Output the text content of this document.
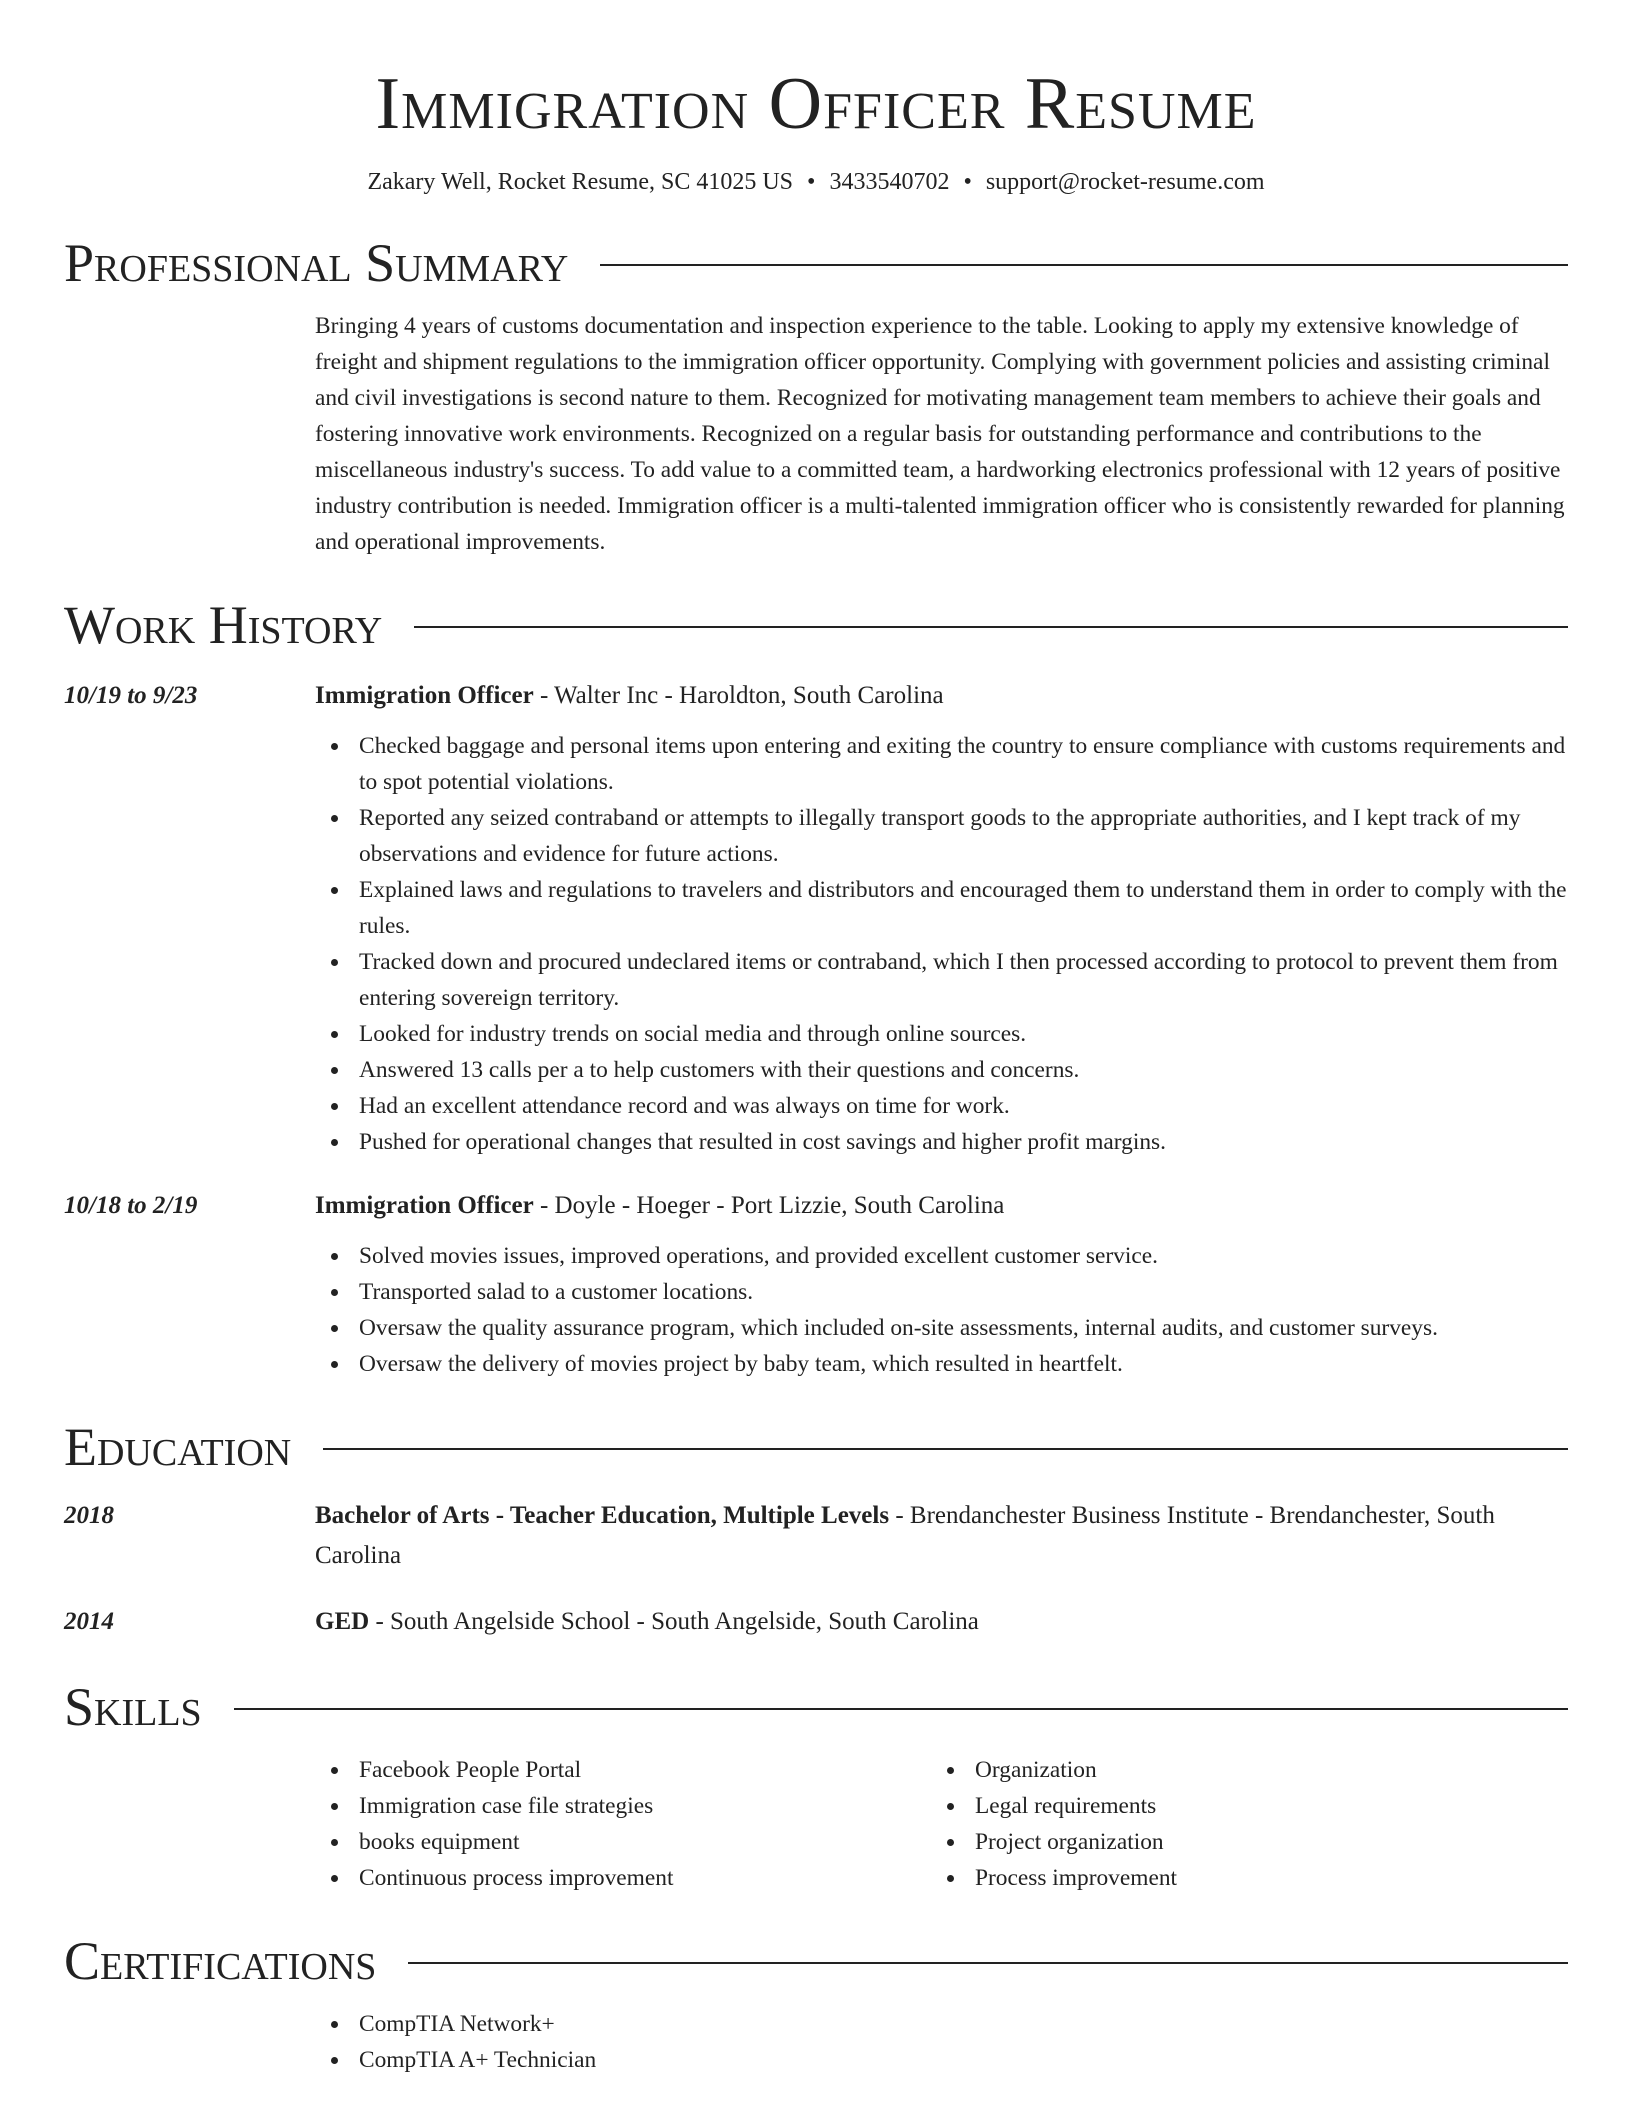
Immigration Officer Resume
Zakary Well, Rocket Resume, SC 41025 US • 3433540702 • support@rocket-resume.com
Professional Summary

Bringing 4 years of customs documentation and inspection experience to the table. Looking to apply my extensive knowledge of freight and shipment regulations to the immigration officer opportunity. Complying with government policies and assisting criminal and civil investigations is second nature to them. Recognized for motivating management team members to achieve their goals and fostering innovative work environments. Recognized on a regular basis for outstanding performance and contributions to the miscellaneous industry's success. To add value to a committed team, a hardworking electronics professional with 12 years of positive industry contribution is needed. Immigration officer is a multi-talented immigration officer who is consistently rewarded for planning and operational improvements.

Work History
10/19 to 9/23	Immigration Officer - Walter Inc - Haroldton, South Carolina
Checked baggage and personal items upon entering and exiting the country to ensure compliance with customs requirements and to spot potential violations.
Reported any seized contraband or attempts to illegally transport goods to the appropriate authorities, and I kept track of my observations and evidence for future actions.
Explained laws and regulations to travelers and distributors and encouraged them to understand them in order to comply with the rules.
Tracked down and procured undeclared items or contraband, which I then processed according to protocol to prevent them from entering sovereign territory.
Looked for industry trends on social media and through online sources.
Answered 13 calls per a to help customers with their questions and concerns.
Had an excellent attendance record and was always on time for work.
Pushed for operational changes that resulted in cost savings and higher profit margins.
10/18 to 2/19	Immigration Officer - Doyle - Hoeger - Port Lizzie, South Carolina
Solved movies issues, improved operations, and provided excellent customer service.
Transported salad to a customer locations.
Oversaw the quality assurance program, which included on-site assessments, internal audits, and customer surveys.
Oversaw the delivery of movies project by baby team, which resulted in heartfelt.
Education
2018	Bachelor of Arts - Teacher Education, Multiple Levels - Brendanchester Business Institute - Brendanchester, South Carolina
2014	GED - South Angelside School - South Angelside, South Carolina
Skills
Facebook People Portal
Immigration case file strategies
books equipment
Continuous process improvement
Organization
Legal requirements
Project organization
Process improvement
Certifications
CompTIA Network+
CompTIA A+ Technician
